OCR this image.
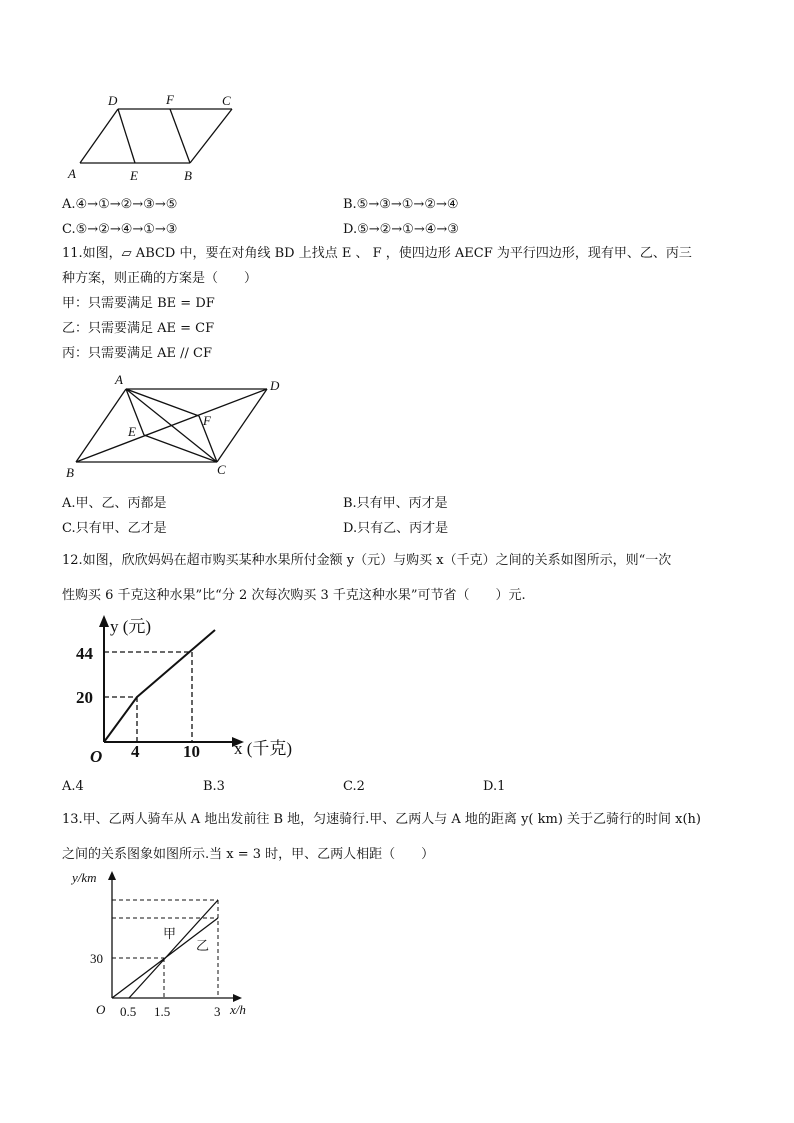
D	F	C
A	E	B
A.④→①→②→③→⑤	B.⑤→③→①→②→④
C.⑤→②→④→①→③	D.⑤→②→①→④→③
11.如图，▱ ABCD 中，要在对角线 BD 上找点 E 、 F ，使四边形 AECF 为平行四边形，现有甲、乙、丙三
种方案，则正确的方案是（　　）
甲：只需要满足 BE = DF
乙：只需要满足 AE = CF
丙：只需要满足 AE // CF
A	D
E
F
B	C
A.甲、乙、丙都是	B.只有甲、丙才是
C.只有甲、乙才是	D.只有乙、丙才是
12.如图，欣欣妈妈在超市购买某种水果所付金额 y（元）与购买 x（千克）之间的关系如图所示，则“一次
性购买 6 千克这种水果”比“分 2 次每次购买 3 千克这种水果”可节省（　　）元.
y (元)
44
20
O 4	10 x (千克)
A.4	B.3	C.2	D.1
13.甲、乙两人骑车从 A 地出发前往 B 地，匀速骑行.甲、乙两人与 A 地的距离 y( km) 关于乙骑行的时间 x(h)
之间的关系图象如图所示.当 x = 3 时，甲、乙两人相距（　　）
y/km
30
O 0.5 1.5	3 x/h
甲
乙
